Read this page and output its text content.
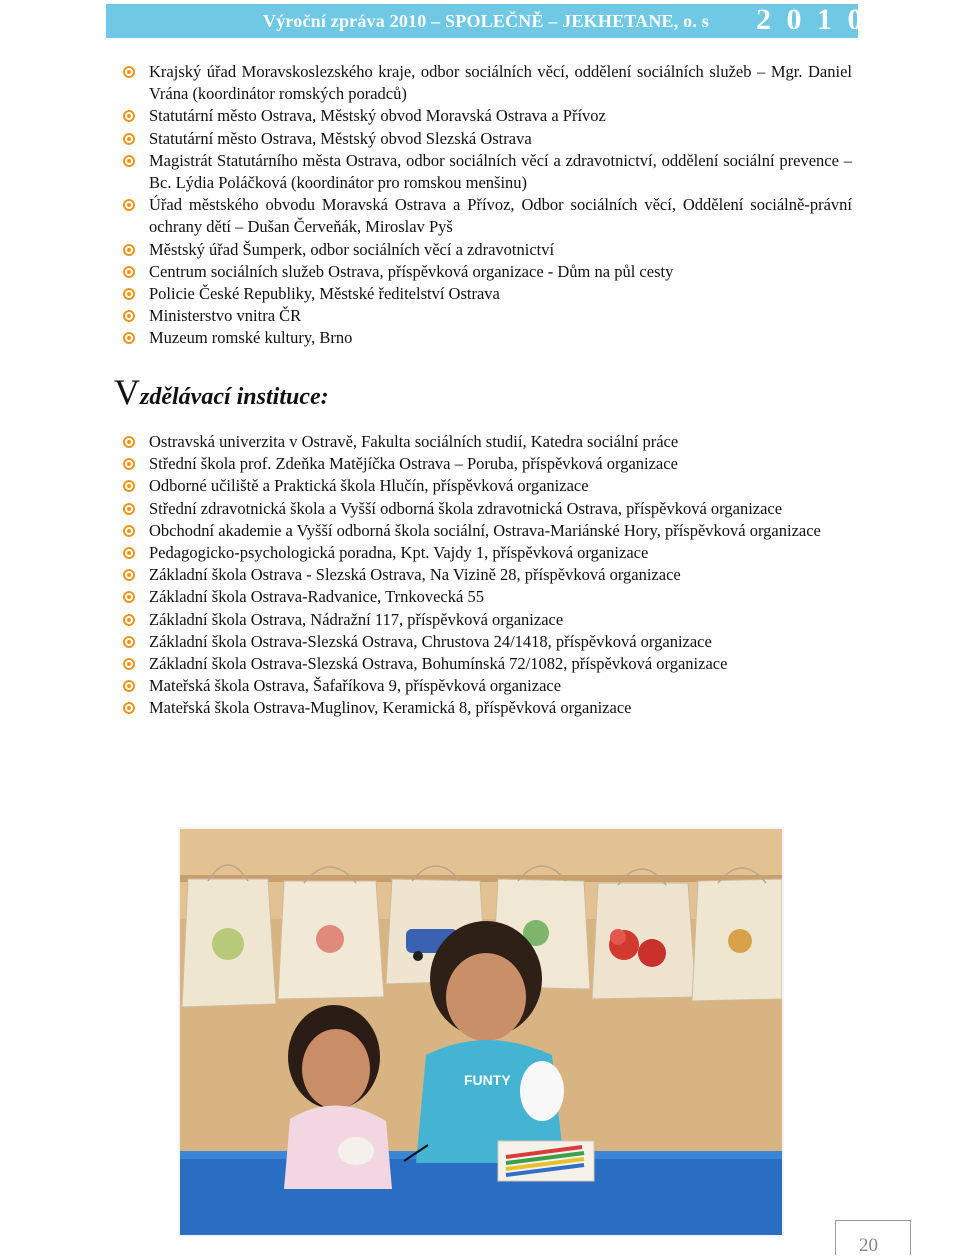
Výroční zpráva 2010 – SPOLEČNĚ – JEKHETANE, o. s 2 0 1 0
Krajský úřad Moravskoslezského kraje, odbor sociálních věcí, oddělení sociálních služeb – Mgr. Daniel Vrána (koordinátor romských poradců)
Statutární město Ostrava, Městský obvod Moravská Ostrava a Přívoz
Statutární město Ostrava, Městský obvod Slezská Ostrava
Magistrát Statutárního města Ostrava, odbor sociálních věcí a zdravotnictví, oddělení sociální prevence – Bc. Lýdia Poláčková (koordinátor pro romskou menšinu)
Úřad městského obvodu Moravská Ostrava a Přívoz, Odbor sociálních věcí, Oddělení sociálně-právní ochrany dětí – Dušan Červeňák, Miroslav Pyš
Městský úřad Šumperk, odbor sociálních věcí a zdravotnictví
Centrum sociálních služeb Ostrava, příspěvková organizace - Dům na půl cesty
Policie České Republiky, Městské ředitelství Ostrava
Ministerstvo vnitra ČR
Muzeum romské kultury, Brno
Vzdělávací instituce:
Ostravská univerzita v Ostravě, Fakulta sociálních studií, Katedra sociální práce
Střední škola prof. Zdeňka Matějíčka Ostrava – Poruba, příspěvková organizace
Odborné učiliště a Praktická škola Hlučín, příspěvková organizace
Střední zdravotnická škola a Vyšší odborná škola zdravotnická Ostrava, příspěvková organizace
Obchodní akademie a Vyšší odborná škola sociální, Ostrava-Mariánské Hory, příspěvková organizace
Pedagogicko-psychologická poradna, Kpt. Vajdy 1, příspěvková organizace
Základní škola Ostrava - Slezská Ostrava, Na Vizině 28, příspěvková organizace
Základní škola Ostrava-Radvanice, Trnkovecká 55
Základní škola Ostrava, Nádražní 117, příspěvková organizace
Základní škola Ostrava-Slezská Ostrava, Chrustova 24/1418, příspěvková organizace
Základní škola Ostrava-Slezská Ostrava, Bohumínská 72/1082, příspěvková organizace
Mateřská škola Ostrava, Šafaříkova 9, příspěvková organizace
Mateřská škola Ostrava-Muglinov, Keramická 8, příspěvková organizace
FUNTY
20
